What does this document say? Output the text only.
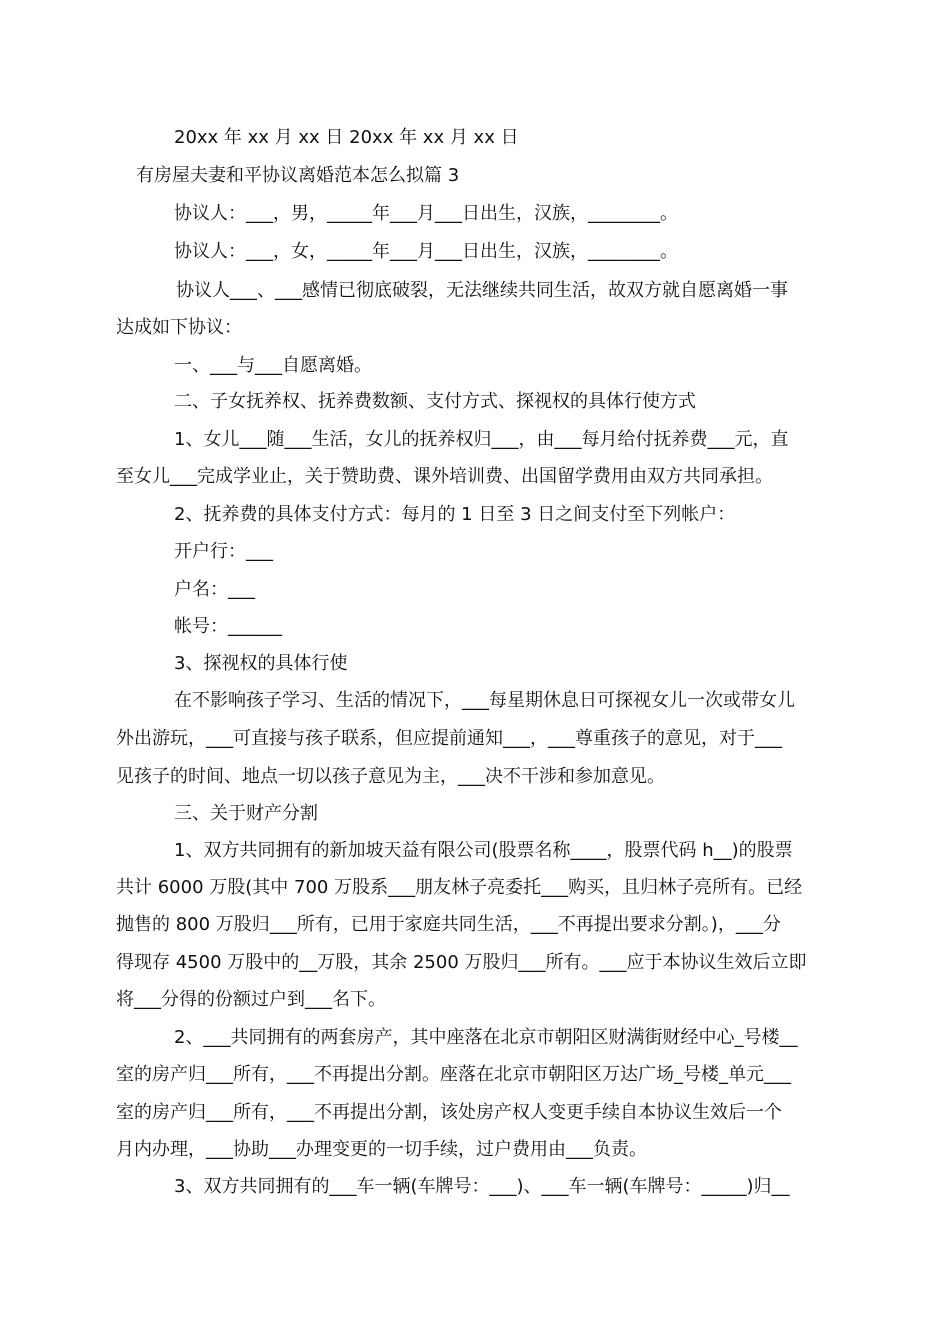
20xx 年 xx 月 xx 日 20xx 年 xx 月 xx 日
有房屋夫妻和平协议离婚范本怎么拟篇 3
协议人：___，男，_____年___月___日出生，汉族，________。
协议人：___，女，_____年___月___日出生，汉族，________。
协议人___、___感情已彻底破裂，无法继续共同生活，故双方就自愿离婚一事
达成如下协议：
一、___与___自愿离婚。
二、子女抚养权、抚养费数额、支付方式、探视权的具体行使方式
1、女儿___随___生活，女儿的抚养权归___，由___每月给付抚养费___元，直
至女儿___完成学业止，关于赞助费、课外培训费、出国留学费用由双方共同承担。
2、抚养费的具体支付方式：每月的 1 日至 3 日之间支付至下列帐户：
开户行：___
户名：___
帐号：______
3、探视权的具体行使
在不影响孩子学习、生活的情况下，___每星期休息日可探视女儿一次或带女儿
外出游玩，___可直接与孩子联系，但应提前通知___，___尊重孩子的意见，对于___
见孩子的时间、地点一切以孩子意见为主，___决不干涉和参加意见。
三、关于财产分割
1、双方共同拥有的新加坡天益有限公司(股票名称____，股票代码 h__)的股票
共计 6000 万股(其中 700 万股系___朋友林子亮委托___购买，且归林子亮所有。已经
抛售的 800 万股归___所有，已用于家庭共同生活，___不再提出要求分割。)，___分
得现存 4500 万股中的__万股，其余 2500 万股归___所有。___应于本协议生效后立即
将___分得的份额过户到___名下。
2、___共同拥有的两套房产，其中座落在北京市朝阳区财满街财经中心_号楼__
室的房产归___所有，___不再提出分割。座落在北京市朝阳区万达广场_号楼_单元___
室的房产归___所有，___不再提出分割，该处房产权人变更手续自本协议生效后一个
月内办理，___协助___办理变更的一切手续，过户费用由___负责。
3、双方共同拥有的___车一辆(车牌号：___)、___车一辆(车牌号：_____)归__
